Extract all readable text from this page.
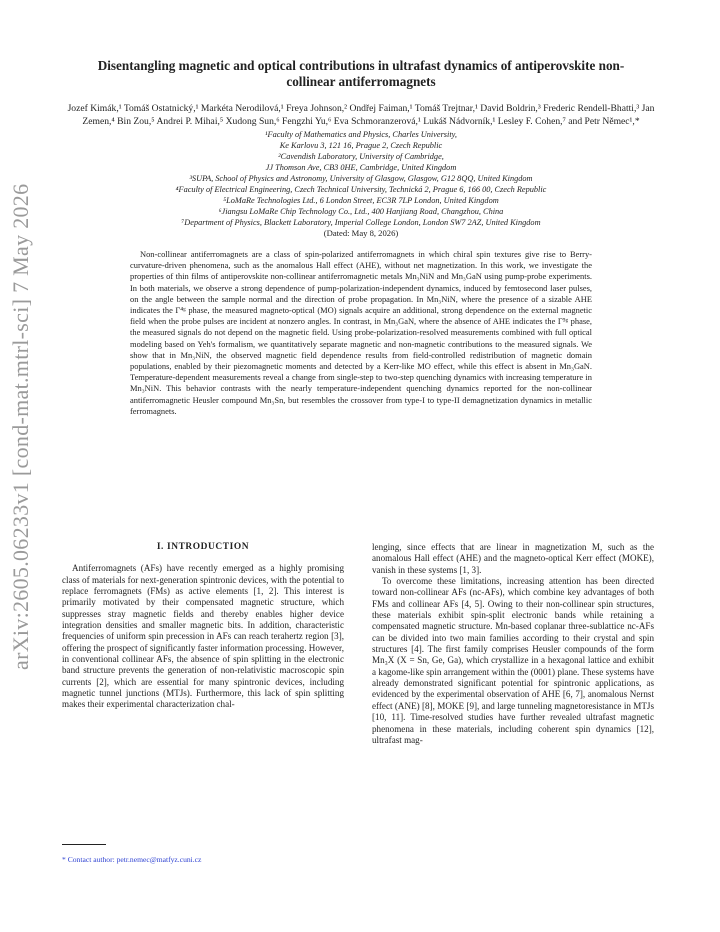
arXiv:2605.06233v1 [cond-mat.mtrl-sci] 7 May 2026
Disentangling magnetic and optical contributions in ultrafast dynamics of antiperovskite non-collinear antiferromagnets
Jozef Kimák,¹ Tomáš Ostatnický,¹ Markéta Nerodilová,¹ Freya Johnson,² Ondřej Faiman,¹ Tomáš Trejtnar,¹ David Boldrin,³ Frederic Rendell-Bhatti,³ Jan Zemen,⁴ Bin Zou,⁵ Andrei P. Mihai,⁵ Xudong Sun,⁶ Fengzhi Yu,⁶ Eva Schmoranzerová,¹ Lukáš Nádvorník,¹ Lesley F. Cohen,⁷ and Petr Němec¹,*
¹Faculty of Mathematics and Physics, Charles University,
Ke Karlovu 3, 121 16, Prague 2, Czech Republic
²Cavendish Laboratory, University of Cambridge,
JJ Thomson Ave, CB3 0HE, Cambridge, United Kingdom
³SUPA, School of Physics and Astronomy, University of Glasgow, Glasgow, G12 8QQ, United Kingdom
⁴Faculty of Electrical Engineering, Czech Technical University, Technická 2, Prague 6, 166 00, Czech Republic
⁵LoMaRe Technologies Ltd., 6 London Street, EC3R 7LP London, United Kingdom
⁶Jiangsu LoMaRe Chip Technology Co., Ltd., 400 Hanjiang Road, Changzhou, China
⁷Department of Physics, Blackett Laboratory, Imperial College London, London SW7 2AZ, United Kingdom
(Dated: May 8, 2026)
Non-collinear antiferromagnets are a class of spin-polarized antiferromagnets in which chiral spin textures give rise to Berry-curvature-driven phenomena, such as the anomalous Hall effect (AHE), without net magnetization. In this work, we investigate the properties of thin films of antiperovskite non-collinear antiferromagnetic metals Mn₃NiN and Mn₃GaN using pump-probe experiments. In both materials, we observe a strong dependence of pump-polarization-independent dynamics, induced by femtosecond laser pulses, on the angle between the sample normal and the direction of probe propagation. In Mn₃NiN, where the presence of a sizable AHE indicates the Γ⁴ᵍ phase, the measured magneto-optical (MO) signals acquire an additional, strong dependence on the external magnetic field when the probe pulses are incident at nonzero angles. In contrast, in Mn₃GaN, where the absence of AHE indicates the Γ⁵ᵍ phase, the measured signals do not depend on the magnetic field. Using probe-polarization-resolved measurements combined with full optical modeling based on Yeh's formalism, we quantitatively separate magnetic and non-magnetic contributions to the measured signals. We show that in Mn₃NiN, the observed magnetic field dependence results from field-controlled redistribution of magnetic domain populations, enabled by their piezomagnetic moments and detected by a Kerr-like MO effect, while this effect is absent in Mn₃GaN. Temperature-dependent measurements reveal a change from single-step to two-step quenching dynamics with increasing temperature in Mn₃NiN. This behavior contrasts with the nearly temperature-independent quenching dynamics reported for the non-collinear antiferromagnetic Heusler compound Mn₃Sn, but resembles the crossover from type-I to type-II demagnetization dynamics in metallic ferromagnets.
I. INTRODUCTION

Antiferromagnets (AFs) have recently emerged as a highly promising class of materials for next-generation spintronic devices, with the potential to replace ferromagnets (FMs) as active elements [1, 2]. This interest is primarily motivated by their compensated magnetic structure, which suppresses stray magnetic fields and thereby enables higher device integration densities and smaller magnetic bits. In addition, characteristic frequencies of uniform spin precession in AFs can reach terahertz region [3], offering the prospect of significantly faster information processing. However, in conventional collinear AFs, the absence of spin splitting in the electronic band structure prevents the generation of non-relativistic macroscopic spin currents [2], which are essential for many spintronic devices, including magnetic tunnel junctions (MTJs). Furthermore, this lack of spin splitting makes their experimental characterization chal-

* Contact author: petr.nemec@matfyz.cuni.cz

lenging, since effects that are linear in magnetization M, such as the anomalous Hall effect (AHE) and the magneto-optical Kerr effect (MOKE), vanish in these systems [1, 3].

To overcome these limitations, increasing attention has been directed toward non-collinear AFs (nc-AFs), which combine key advantages of both FMs and collinear AFs [4, 5]. Owing to their non-collinear spin structures, these materials exhibit spin-split electronic bands while retaining a compensated magnetic structure. Mn-based coplanar three-sublattice nc-AFs can be divided into two main families according to their crystal and spin structures [4]. The first family comprises Heusler compounds of the form Mn₃X (X = Sn, Ge, Ga), which crystallize in a hexagonal lattice and exhibit a kagome-like spin arrangement within the (0001) plane. These systems have already demonstrated significant potential for spintronic applications, as evidenced by the experimental observation of AHE [6, 7], anomalous Nernst effect (ANE) [8], MOKE [9], and large tunneling magnetoresistance in MTJs [10, 11]. Time-resolved studies have further revealed ultrafast magnetic phenomena in these materials, including coherent spin dynamics [12], ultrafast mag-
